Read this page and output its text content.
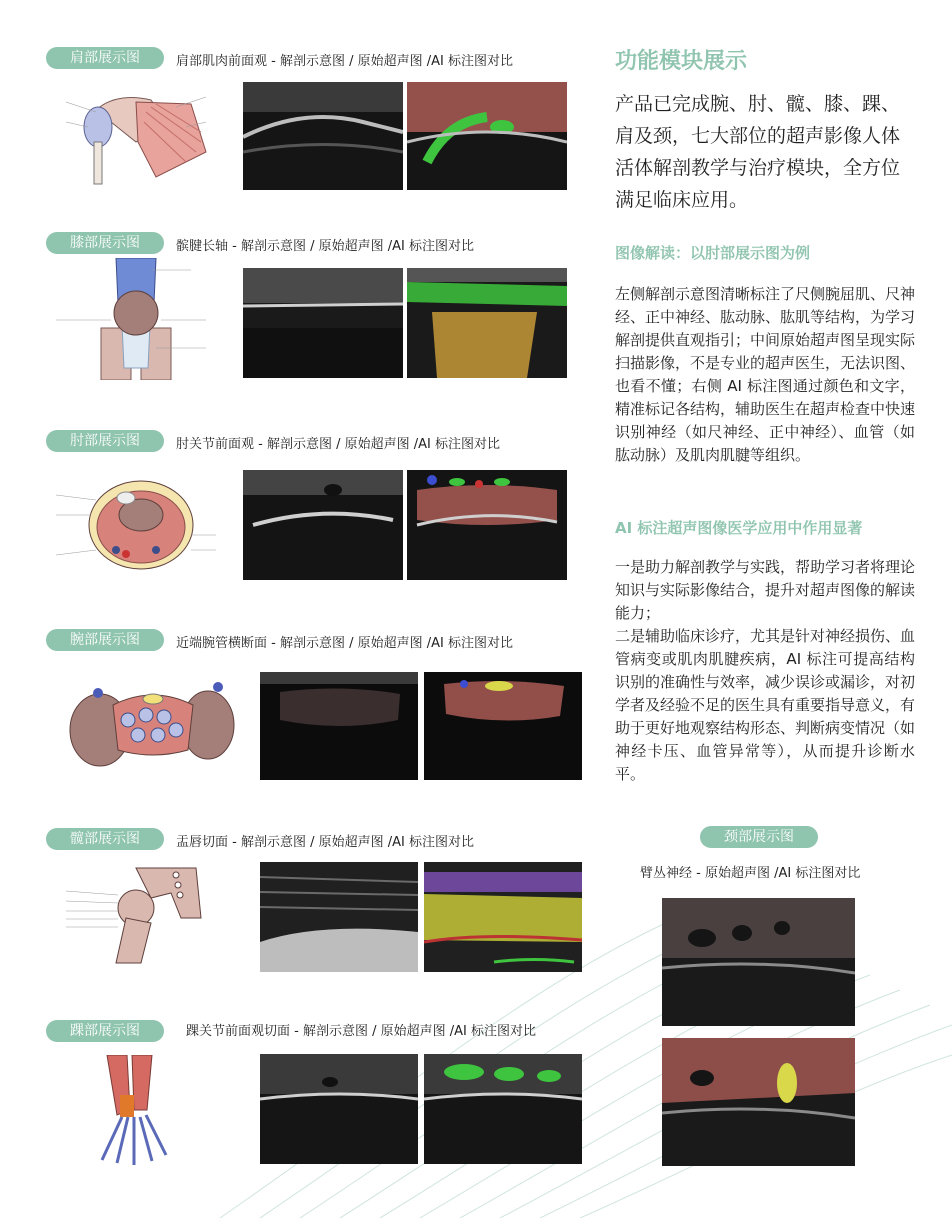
肩部展示图	肩部肌肉前面观 - 解剖示意图 / 原始超声图 /AI 标注图对比
膝部展示图	髌腱长轴 - 解剖示意图 / 原始超声图 /AI 标注图对比
肘部展示图	肘关节前面观 - 解剖示意图 / 原始超声图 /AI 标注图对比
腕部展示图	近端腕管横断面 - 解剖示意图 / 原始超声图 /AI 标注图对比
髋部展示图	盂唇切面 - 解剖示意图 / 原始超声图 /AI 标注图对比
踝部展示图	踝关节前面观切面 - 解剖示意图 / 原始超声图 /AI 标注图对比
颈部展示图
臂丛神经 - 原始超声图 /AI 标注图对比
功能模块展示
产品已完成腕、肘、髋、膝、踝、肩及颈，七大部位的超声影像人体活体解剖教学与治疗模块，全方位满足临床应用。
图像解读：以肘部展示图为例
左侧解剖示意图清晰标注了尺侧腕屈肌、尺神经、正中神经、肱动脉、肱肌等结构，为学习解剖提供直观指引；中间原始超声图呈现实际扫描影像，不是专业的超声医生，无法识图、也看不懂；右侧 AI 标注图通过颜色和文字，精准标记各结构，辅助医生在超声检查中快速识别神经（如尺神经、正中神经）、血管（如肱动脉）及肌肉肌腱等组织。
AI 标注超声图像医学应用中作用显著
一是助力解剖教学与实践，帮助学习者将理论知识与实际影像结合，提升对超声图像的解读能力；
二是辅助临床诊疗，尤其是针对神经损伤、血管病变或肌肉肌腱疾病，AI 标注可提高结构识别的准确性与效率，减少误诊或漏诊，对初学者及经验不足的医生具有重要指导意义，有助于更好地观察结构形态、判断病变情况（如神经卡压、血管异常等），从而提升诊断水平。
